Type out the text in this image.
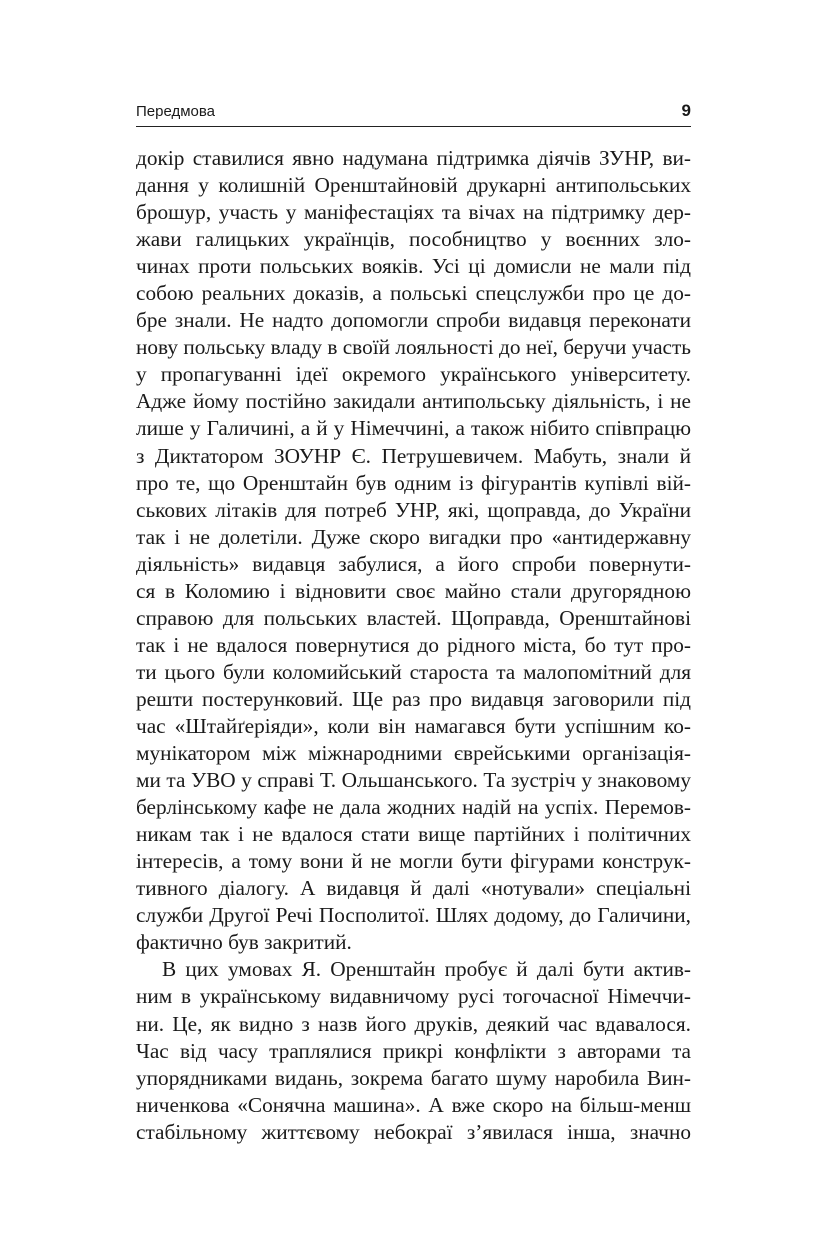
Передмова	9
докір ставилися явно надумана підтримка діячів ЗУНР, ви-
дання у колишній Оренштайновій друкарні антипольських
брошур, участь у маніфестаціях та вічах на підтримку дер-
жави галицьких українців, пособництво у воєнних зло-
чинах проти польських вояків. Усі ці домисли не мали під
собою реальних доказів, а польські спецслужби про це до-
бре знали. Не надто допомогли спроби видавця переконати
нову польську владу в своїй лояльності до неї, беручи участь
у пропагуванні ідеї окремого українського університету.
Адже йому постійно закидали антипольську діяльність, і не
лише у Галичині, а й у Німеччині, а також нібито співпрацю
з Диктатором ЗОУНР Є. Петрушевичем. Мабуть, знали й
про те, що Оренштайн був одним із фігурантів купівлі вій-
ськових літаків для потреб УНР, які, щоправда, до України
так і не долетіли. Дуже скоро вигадки про «антидержавну
діяльність» видавця забулися, а його спроби повернути-
ся в Коломию і відновити своє майно стали другорядною
справою для польських властей. Щоправда, Оренштайнові
так і не вдалося повернутися до рідного міста, бо тут про-
ти цього були коломийський староста та малопомітний для
решти постерунковий. Ще раз про видавця заговорили під
час «Штайґеріяди», коли він намагався бути успішним ко-
мунікатором між міжнародними єврейськими організація-
ми та УВО у справі Т. Ольшанського. Та зустріч у знаковому
берлінському кафе не дала жодних надій на успіх. Перемов-
никам так і не вдалося стати вище партійних і політичних
інтересів, а тому вони й не могли бути фігурами конструк-
тивного діалогу. А видавця й далі «нотували» спеціальні
служби Другої Речі Посполитої. Шлях додому, до Галичини,
фактично був закритий.
В цих умовах Я. Оренштайн пробує й далі бути актив-
ним в українському видавничому русі тогочасної Німеччи-
ни. Це, як видно з назв його друків, деякий час вдавалося.
Час від часу траплялися прикрі конфлікти з авторами та
упорядниками видань, зокрема багато шуму наробила Вин-
ниченкова «Сонячна машина». А вже скоро на більш-менш
стабільному життєвому небокраї з’явилася інша, значно
